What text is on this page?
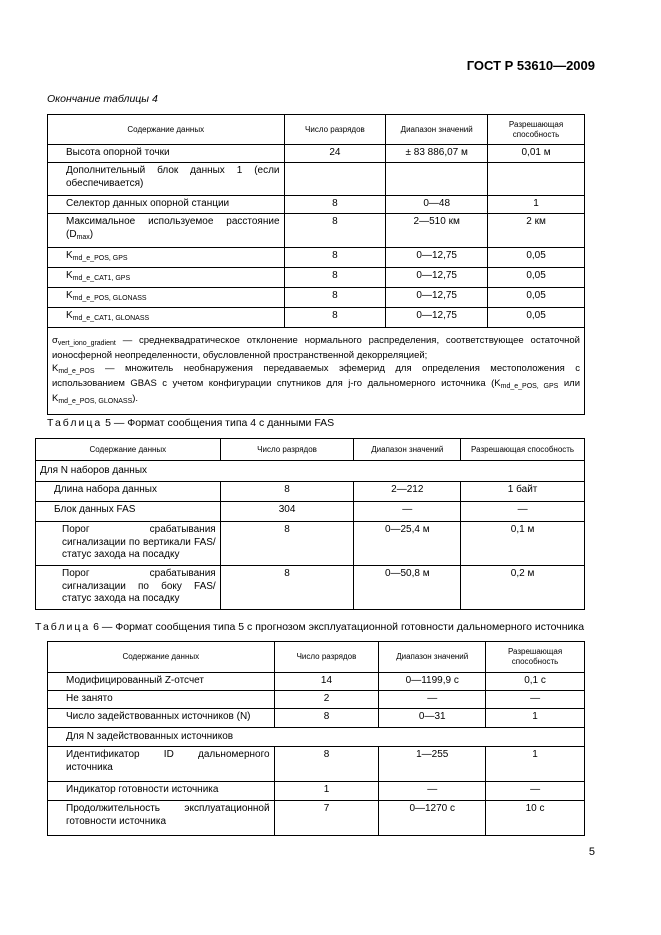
ГОСТ Р 53610—2009
Окончание таблицы 4
Содержание данных	Число разрядов	Диапазон значений	Разрешающая способность
Высота опорной точки	24	± 83 886,07 м	0,01 м
Дополнительный блок данных 1 (если обеспечивается)			
Селектор данных опорной станции	8	0—48	1
Максимальное используемое расстояние $(D_{max})$	8	2—510 км	2 км
$K_{md\_e\_POS, GPS}$	8	0—12,75	0,05
$K_{md\_e\_CAT1, GPS}$	8	0—12,75	0,05
$K_{md\_e\_POS, GLONASS}$	8	0—12,75	0,05
$K_{md\_e\_CAT1, GLONASS}$	8	0—12,75	0,05
$\sigma_{vert\_iono\_gradient}$ — среднеквадратическое отклонение нормального распределения, соответствующее остаточной ионосферной неопределенности, обусловленной пространственной декорреляцией;
$K_{md\_e\_POS}$ — множитель необнаружения передаваемых эфемерид для определения местоположения с использованием GBAS с учетом конфигурации спутников для j-го дальномерного источника ($K_{md\_e\_POS, GPS}$ или $K_{md\_e\_POS, GLONASS}$).			
Таблица 5 — Формат сообщения типа 4 с данными FAS
Содержание данных	Число разрядов	Диапазон значений	Разрешающая способность
Для N наборов данных			
Длина набора данных	8	2—212	1 байт
Блок данных FAS	304	—	—
Порог срабатывания сигнализации по вертикали FAS/статус захода на посадку	8	0—25,4 м	0,1 м
Порог срабатывания сигнализации по боку FAS/статус захода на посадку	8	0—50,8 м	0,2 м
Таблица 6 — Формат сообщения типа 5 с прогнозом эксплуатационной готовности дальномерного источника
Содержание данных	Число разрядов	Диапазон значений	Разрешающая способность
Модифицированный Z-отсчет	14	0—1199,9 с	0,1 с
Не занято	2	—	—
Число задействованных источников (N)	8	0—31	1
Для N задействованных источников			
Идентификатор ID дальномерного источника	8	1—255	1
Индикатор готовности источника	1	—	—
Продолжительность эксплуатационной готовности источника	7	0—1270 с	10 с
5
